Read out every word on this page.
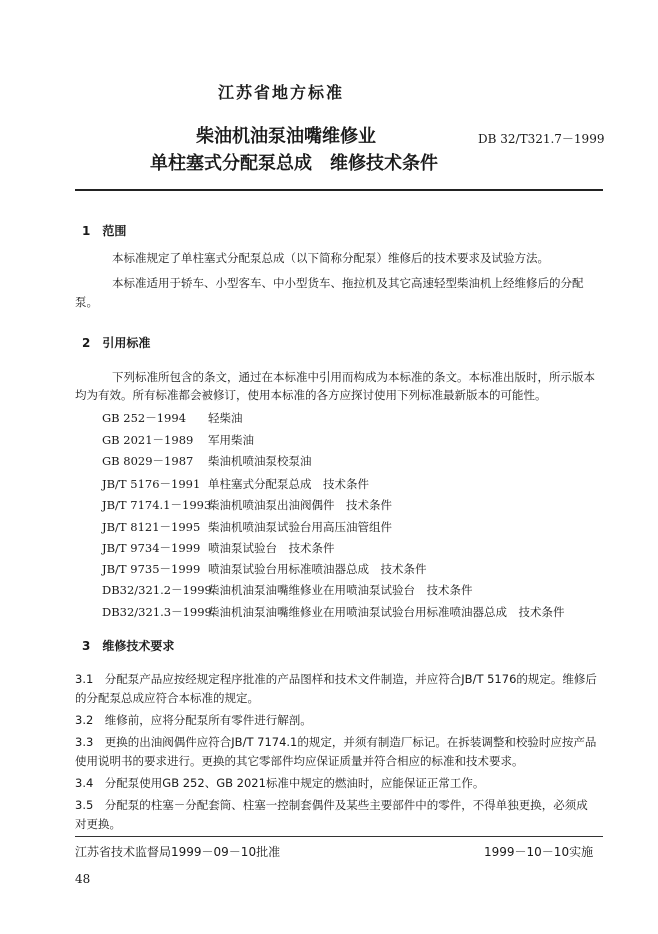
江苏省地方标准
柴油机油泵油嘴维修业
单柱塞式分配泵总成　维修技术条件
DB 32/T321.7－1999
1　范围
本标准规定了单柱塞式分配泵总成（以下简称分配泵）维修后的技术要求及试验方法。
本标准适用于轿车、小型客车、中小型货车、拖拉机及其它高速轻型柴油机上经维修后的分配
泵。
2　引用标准
下列标准所包含的条文，通过在本标准中引用而构成为本标准的条文。本标准出版时，所示版本
均为有效。所有标准都会被修订，使用本标准的各方应探讨使用下列标准最新版本的可能性。
GB 252－1994 轻柴油
GB 2021－1989 军用柴油
GB 8029－1987 柴油机喷油泵校泵油
JB/T 5176－1991 单柱塞式分配泵总成　技术条件
JB/T 7174.1－1993
柴油机喷油泵出油阀偶件　技术条件
JB/T 8121－1995 柴油机喷油泵试验台用高压油管组件
JB/T 9734－1999 喷油泵试验台　技术条件
JB/T 9735－1999 喷油泵试验台用标准喷油器总成　技术条件
DB32/321.2－1999
柴油机油泵油嘴维修业在用喷油泵试验台　技术条件
DB32/321.3－1999
柴油机油泵油嘴维修业在用喷油泵试验台用标准喷油器总成　技术条件
3　维修技术要求
3.1　分配泵产品应按经规定程序批准的产品图样和技术文件制造，并应符合JB/T 5176的规定。维修后
的分配泵总成应符合本标准的规定。
3.2　维修前，应将分配泵所有零件进行解剖。
3.3　更换的出油阀偶件应符合JB/T 7174.1的规定，并须有制造厂标记。在拆装调整和校验时应按产品
使用说明书的要求进行。更换的其它零部件均应保证质量并符合相应的标准和技术要求。
3.4　分配泵使用GB 252、GB 2021标准中规定的燃油时，应能保证正常工作。
3.5　分配泵的柱塞－分配套筒、柱塞一控制套偶件及某些主要部件中的零件，不得单独更换，必须成
对更换。
江苏省技术监督局1999－09－10批准	1999－10－10实施
48
